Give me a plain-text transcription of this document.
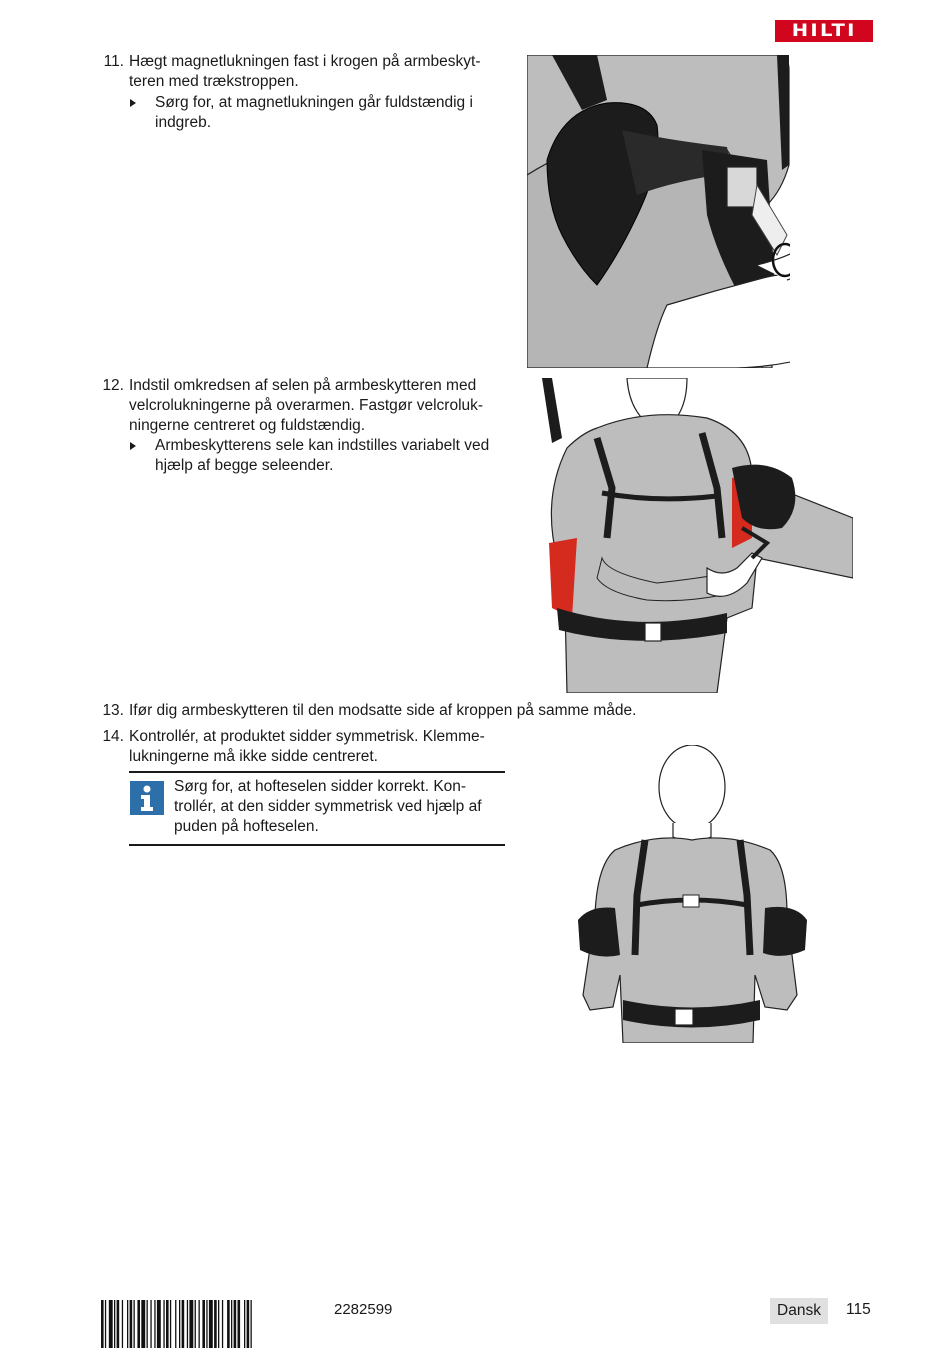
HILTI
11. Hægt magnetlukningen fast i krogen på armbeskyt-
teren med trækstroppen.
Sørg for, at magnetlukningen går fuldstændig i
indgreb.
12. Indstil omkredsen af selen på armbeskytteren med
velcrolukningerne på overarmen. Fastgør velcroluk-
ningerne centreret og fuldstændig.
Armbeskytterens sele kan indstilles variabelt ved
hjælp af begge seleender.
13. Ifør dig armbeskytteren til den modsatte side af kroppen på samme måde.
14. Kontrollér, at produktet sidder symmetrisk. Klemme-
lukningerne må ikke sidde centreret.
Sørg for, at hofteselen sidder korrekt. Kon-
trollér, at den sidder symmetrisk ved hjælp af
puden på hofteselen.
2282599	Dansk	115
